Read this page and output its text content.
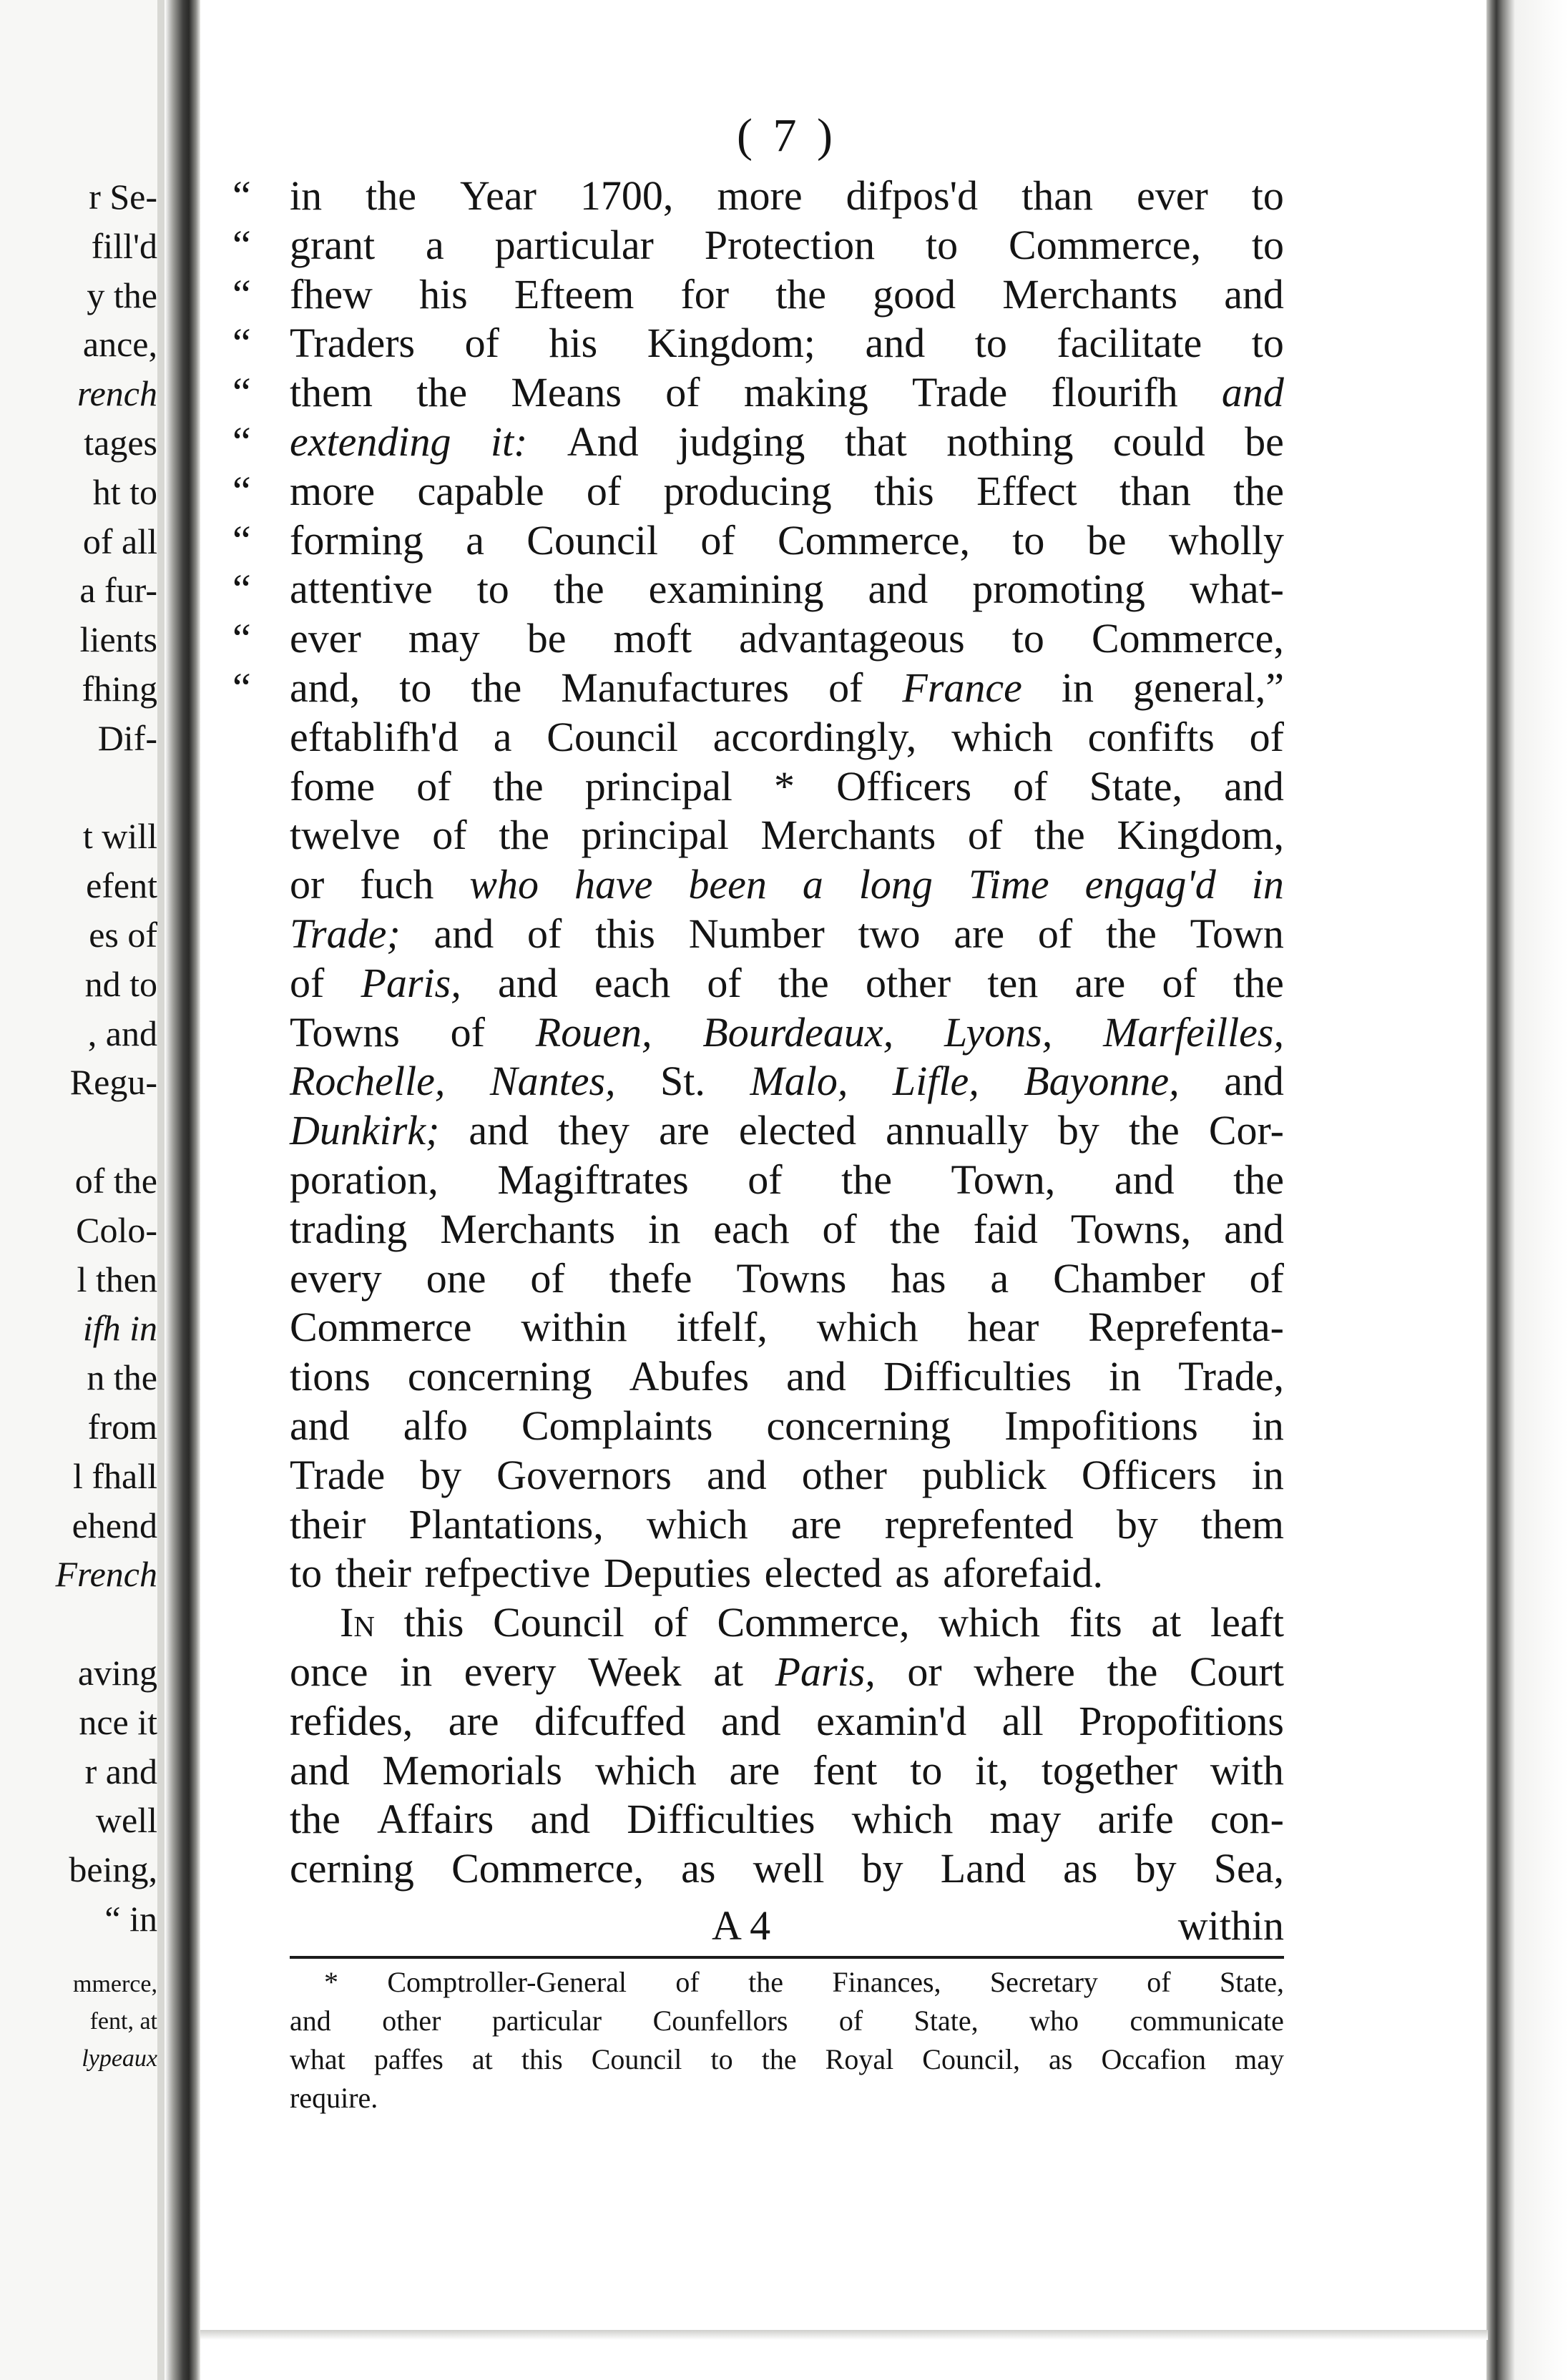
r Se-
fill'd
y the
ance,
rench
tages
ht to
of all
a fur-
lients
fhing
Dif-
t will
efent
es of
nd to
, and
Regu-
of the
Colo-
l then
ifh in
n the
from
l fhall
ehend
French
aving
nce it
r and
well
being,
“ in
mmerce,
fent, at
lypeaux
( 7 )
“ in the Year 1700, more difpos'd than ever to
“ grant a particular Protection to Commerce, to
“ fhew his Efteem for the good Merchants and
“ Traders of his Kingdom; and to facilitate to
“ them the Means of making Trade flourifh and
“ extending it: And judging that nothing could be
“ more capable of producing this Effect than the
“ forming a Council of Commerce, to be wholly
“ attentive to the examining and promoting what-
“ ever may be moft advantageous to Commerce,
“ and, to the Manufactures of France in general,”
eftablifh'd a Council accordingly, which confifts of
fome of the principal * Officers of State, and
twelve of the principal Merchants of the Kingdom,
or fuch who have been a long Time engag'd in
Trade; and of this Number two are of the Town
of Paris, and each of the other ten are of the
Towns of Rouen, Bourdeaux, Lyons, Marfeilles,
Rochelle, Nantes, St. Malo, Lifle, Bayonne, and
Dunkirk; and they are elected annually by the Cor-
poration, Magiftrates of the Town, and the
trading Merchants in each of the faid Towns, and
every one of thefe Towns has a Chamber of
Commerce within itfelf, which hear Reprefenta-
tions concerning Abufes and Difficulties in Trade,
and alfo Complaints concerning Impofitions in
Trade by Governors and other publick Officers in
their Plantations, which are reprefented by them
to their refpective Deputies elected as aforefaid.
In this Council of Commerce, which fits at leaft
once in every Week at Paris, or where the Court
refides, are difcuffed and examin'd all Propofitions
and Memorials which are fent to it, together with
the Affairs and Difficulties which may arife con-
cerning Commerce, as well by Land as by Sea,
A 4	within
* Comptroller-General of the Finances, Secretary of State,
and other particular Counfellors of State, who communicate
what paffes at this Council to the Royal Council, as Occafion may
require.
